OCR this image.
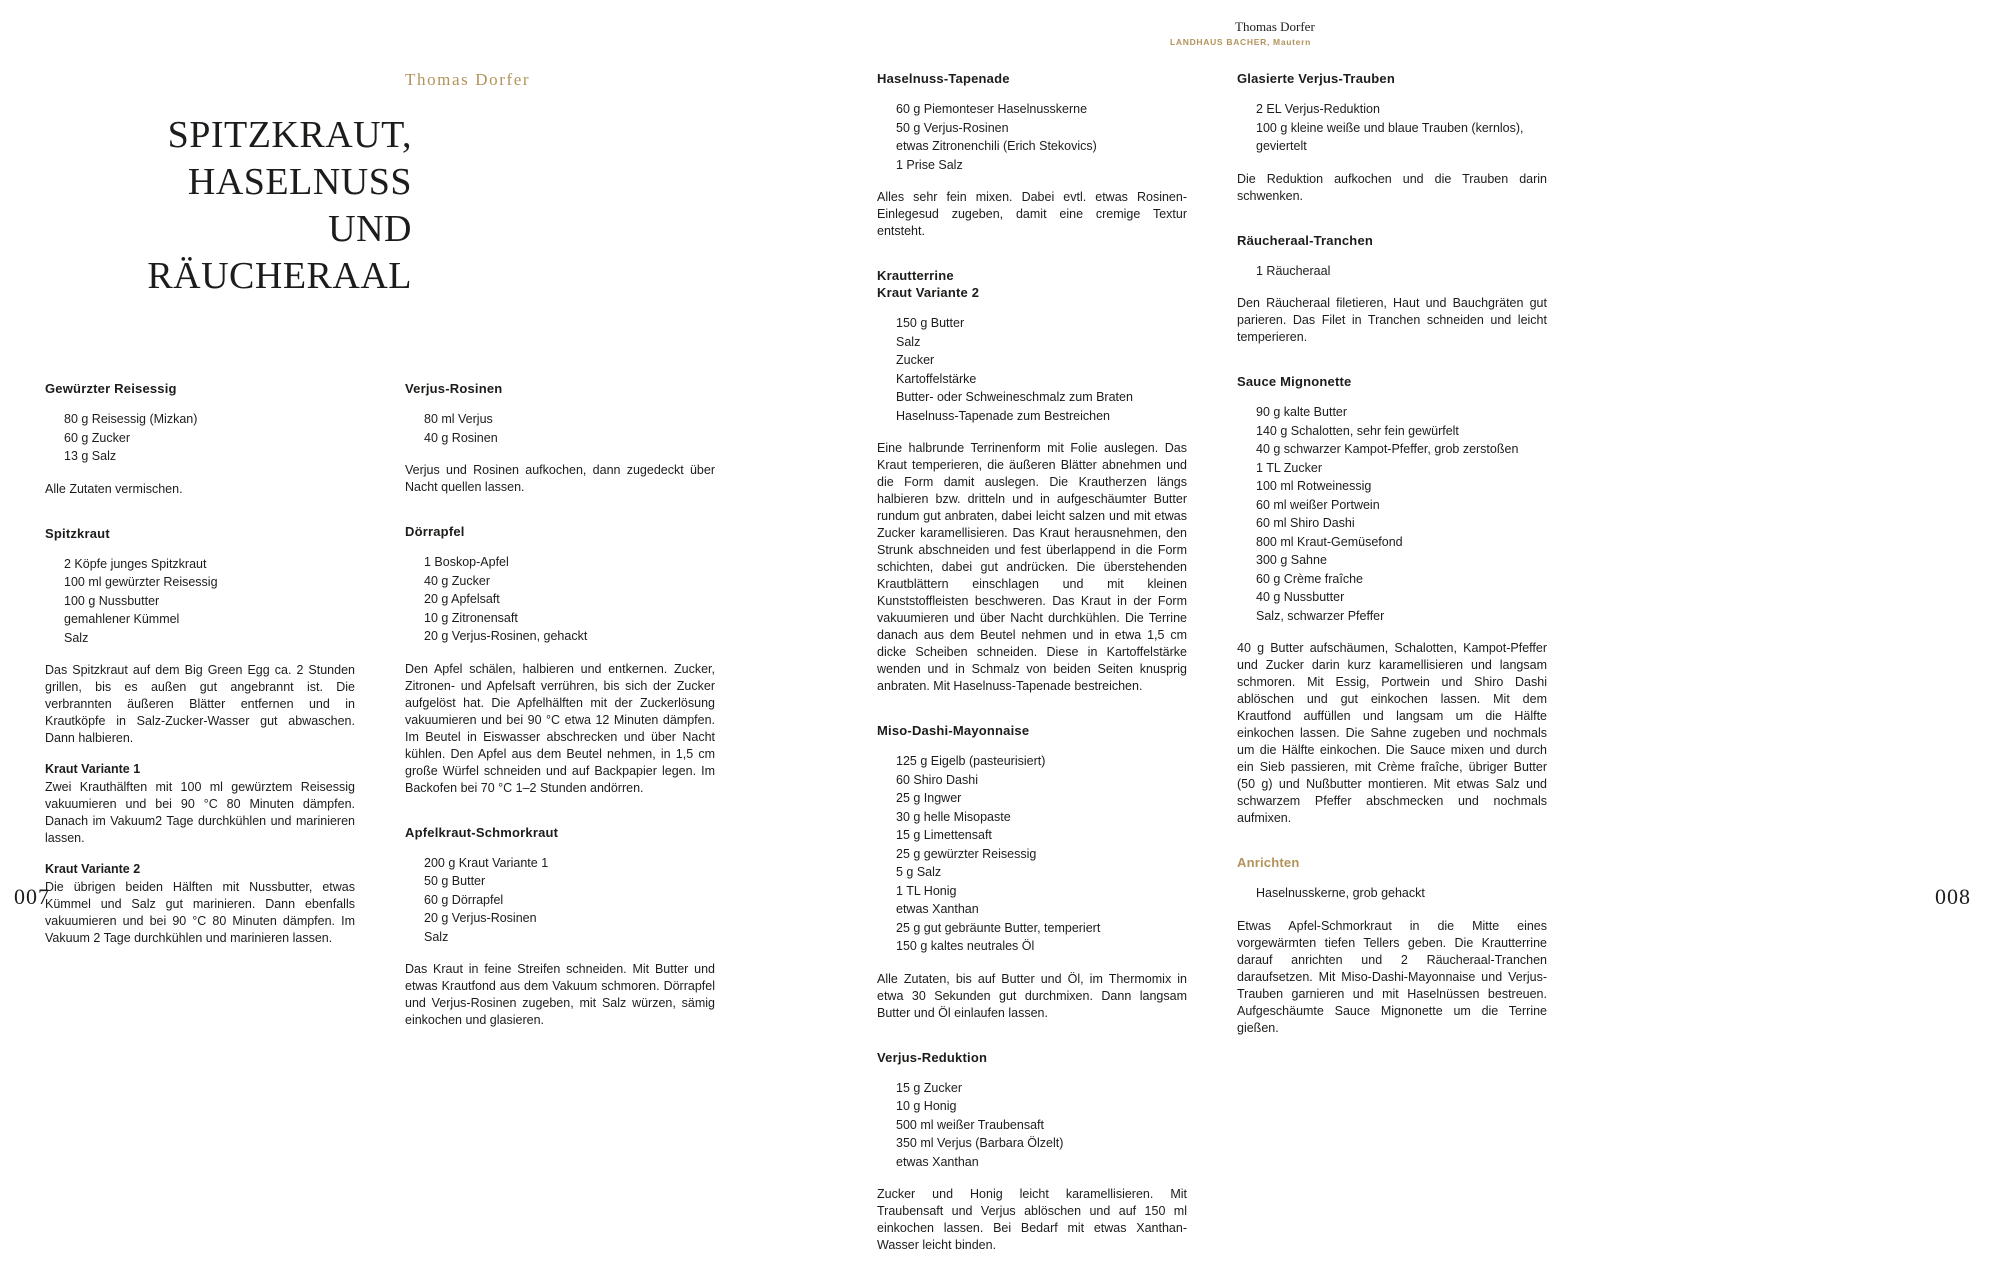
Thomas Dorfer
SPITZKRAUT,
HASELNUSS
UND
RÄUCHERAAL
Gewürzter Reisessig
80 g Reisessig (Mizkan)
60 g Zucker
13 g Salz

Alle Zutaten vermischen.

Spitzkraut
2 Köpfe junges Spitzkraut
100 ml gewürzter Reisessig
100 g Nussbutter
gemahlener Kümmel
Salz

Das Spitzkraut auf dem Big Green Egg ca. 2 Stunden grillen, bis es außen gut angebrannt ist. Die verbrannten äußeren Blätter entfernen und in Krautköpfe in Salz-Zucker-Wasser gut abwaschen. Dann halbieren.

Kraut Variante 1

Zwei Krauthälften mit 100 ml gewürztem Reisessig vakuumieren und bei 90 °C 80 Minuten dämpfen. Danach im Vakuum2 Tage durchkühlen und marinieren lassen.

Kraut Variante 2

Die übrigen beiden Hälften mit Nussbutter, etwas Kümmel und Salz gut marinieren. Dann ebenfalls vakuumieren und bei 90 °C 80 Minuten dämpfen. Im Vakuum 2 Tage durchkühlen und marinieren lassen.

Verjus-Rosinen
80 ml Verjus
40 g Rosinen

Verjus und Rosinen aufkochen, dann zugedeckt über Nacht quellen lassen.

Dörrapfel
1 Boskop-Apfel
40 g Zucker
20 g Apfelsaft
10 g Zitronensaft
20 g Verjus-Rosinen, gehackt

Den Apfel schälen, halbieren und entkernen. Zucker, Zitronen- und Apfelsaft verrühren, bis sich der Zucker aufgelöst hat. Die Apfelhälften mit der Zuckerlösung vakuumieren und bei 90 °C etwa 12 Minuten dämpfen. Im Beutel in Eiswasser abschrecken und über Nacht kühlen. Den Apfel aus dem Beutel nehmen, in 1,5 cm große Würfel schneiden und auf Backpapier legen. Im Backofen bei 70 °C 1–2 Stunden andörren.

Apfelkraut-Schmorkraut
200 g Kraut Variante 1
50 g Butter
60 g Dörrapfel
20 g Verjus-Rosinen
Salz

Das Kraut in feine Streifen schneiden. Mit Butter und etwas Krautfond aus dem Vakuum schmoren. Dörrapfel und Verjus-Rosinen zugeben, mit Salz würzen, sämig einkochen und glasieren.

007
Thomas Dorfer
LANDHAUS BACHER, Mautern
Haselnuss-Tapenade
60 g Piemonteser Haselnusskerne
50 g Verjus-Rosinen
etwas Zitronenchili (Erich Stekovics)
1 Prise Salz

Alles sehr fein mixen. Dabei evtl. etwas Rosinen-Einlegesud zugeben, damit eine cremige Textur entsteht.

Krautterrine
Kraut Variante 2
150 g Butter
Salz
Zucker
Kartoffelstärke
Butter- oder Schweineschmalz zum Braten
Haselnuss-Tapenade zum Bestreichen

Eine halbrunde Terrinenform mit Folie auslegen. Das Kraut temperieren, die äußeren Blätter abnehmen und die Form damit auslegen. Die Krautherzen längs halbieren bzw. dritteln und in aufgeschäumter Butter rundum gut anbraten, dabei leicht salzen und mit etwas Zucker karamellisieren. Das Kraut herausnehmen, den Strunk abschneiden und fest überlappend in die Form schichten, dabei gut andrücken. Die überstehenden Krautblättern einschlagen und mit kleinen Kunststoffleisten beschweren. Das Kraut in der Form vakuumieren und über Nacht durchkühlen. Die Terrine danach aus dem Beutel nehmen und in etwa 1,5 cm dicke Scheiben schneiden. Diese in Kartoffelstärke wenden und in Schmalz von beiden Seiten knusprig anbraten. Mit Haselnuss-Tapenade bestreichen.

Miso-Dashi-Mayonnaise
125 g Eigelb (pasteurisiert)
60 Shiro Dashi
25 g Ingwer
30 g helle Misopaste
15 g Limettensaft
25 g gewürzter Reisessig
5 g Salz
1 TL Honig
etwas Xanthan
25 g gut gebräunte Butter, temperiert
150 g kaltes neutrales Öl

Alle Zutaten, bis auf Butter und Öl, im Thermomix in etwa 30 Sekunden gut durchmixen. Dann langsam Butter und Öl einlaufen lassen.

Verjus-Reduktion
15 g Zucker
10 g Honig
500 ml weißer Traubensaft
350 ml Verjus (Barbara Ölzelt)
etwas Xanthan

Zucker und Honig leicht karamellisieren. Mit Traubensaft und Verjus ablöschen und auf 150 ml einkochen lassen. Bei Bedarf mit etwas Xanthan-Wasser leicht binden.

Glasierte Verjus-Trauben
2 EL Verjus-Reduktion
100 g kleine weiße und blaue Trauben (kernlos), geviertelt

Die Reduktion aufkochen und die Trauben darin schwenken.

Räucheraal-Tranchen
1 Räucheraal

Den Räucheraal filetieren, Haut und Bauchgräten gut parieren. Das Filet in Tranchen schneiden und leicht temperieren.

Sauce Mignonette
90 g kalte Butter
140 g Schalotten, sehr fein gewürfelt
40 g schwarzer Kampot-Pfeffer, grob zerstoßen
1 TL Zucker
100 ml Rotweinessig
60 ml weißer Portwein
60 ml Shiro Dashi
800 ml Kraut-Gemüsefond
300 g Sahne
60 g Crème fraîche
40 g Nussbutter
Salz, schwarzer Pfeffer

40 g Butter aufschäumen, Schalotten, Kampot-Pfeffer und Zucker darin kurz karamellisieren und langsam schmoren. Mit Essig, Portwein und Shiro Dashi ablöschen und gut einkochen lassen. Mit dem Krautfond auffüllen und langsam um die Hälfte einkochen lassen. Die Sahne zugeben und nochmals um die Hälfte einkochen. Die Sauce mixen und durch ein Sieb passieren, mit Crème fraîche, übriger Butter (50 g) und Nußbutter montieren. Mit etwas Salz und schwarzem Pfeffer abschmecken und nochmals aufmixen.

Anrichten
Haselnusskerne, grob gehackt

Etwas Apfel-Schmorkraut in die Mitte eines vorgewärmten tiefen Tellers geben. Die Krautterrine darauf anrichten und 2 Räucheraal-Tranchen daraufsetzen. Mit Miso-Dashi-Mayonnaise und Verjus-Trauben garnieren und mit Haselnüssen bestreuen. Aufgeschäumte Sauce Mignonette um die Terrine gießen.

008
